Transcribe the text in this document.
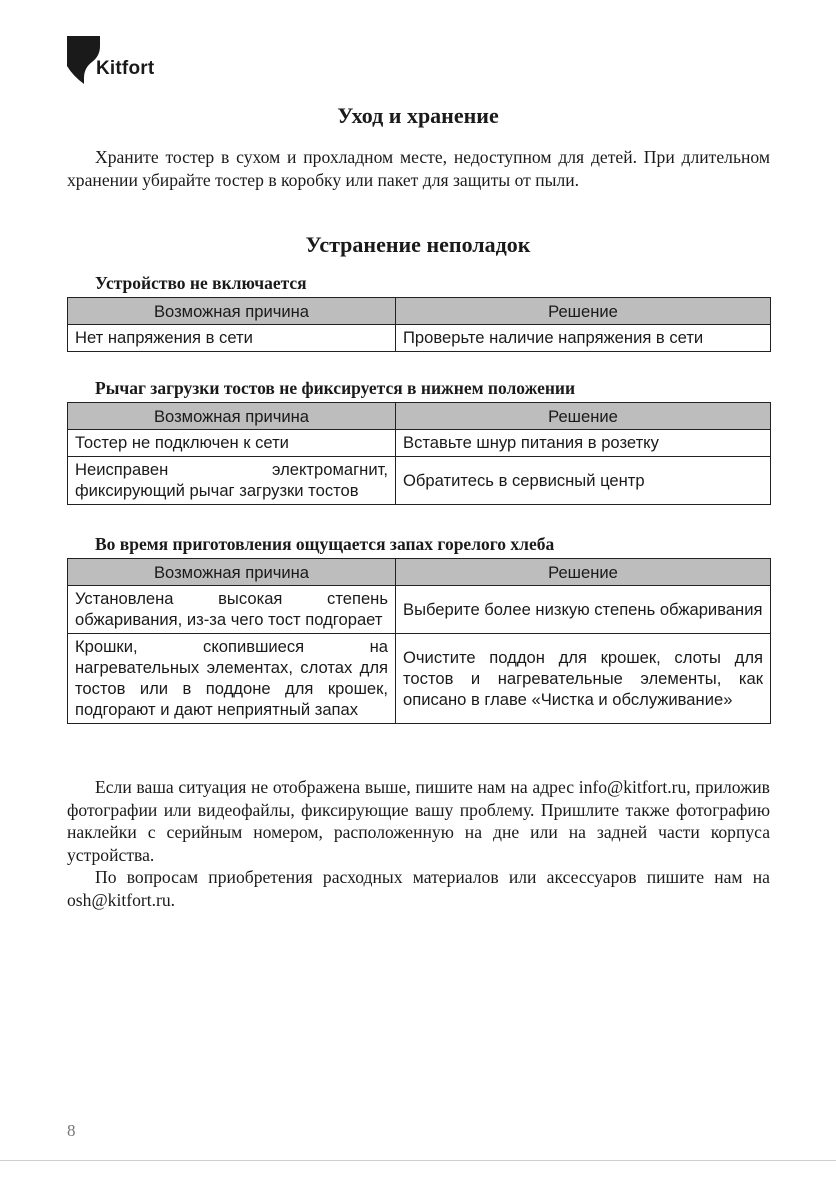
Kitfort
Уход и хранение

Храните тостер в сухом и прохладном месте, недоступном для детей. При длительном хранении убирайте тостер в коробку или пакет для защиты от пыли.

Устранение неполадок
Устройство не включается
Возможная причина	Решение
Нет напряжения в сети	Проверьте наличие напряжения в сети
Рычаг загрузки тостов не фиксируется в нижнем положении
Возможная причина	Решение
Тостер не подключен к сети	Вставьте шнур питания в розетку
Неисправен электромагнит, фиксирующий рычаг загрузки тостов	Обратитесь в сервисный центр
Во время приготовления ощущается запах горелого хлеба
Возможная причина	Решение
Установлена высокая степень обжаривания, из-за чего тост подгорает	Выберите более низкую степень обжаривания
Крошки, скопившиеся на нагревательных элементах, слотах для тостов или в поддоне для крошек, подгорают и дают неприятный запах	Очистите поддон для крошек, слоты для тостов и нагревательные элементы, как описано в главе «Чистка и обслуживание»

Если ваша ситуация не отображена выше, пишите нам на адрес info@kitfort.ru, приложив фотографии или видеофайлы, фиксирующие вашу проблему. Пришлите также фотографию наклейки с серийным номером, расположенную на дне или на задней части корпуса устройства.

По вопросам приобретения расходных материалов или аксессуаров пишите нам на osh@kitfort.ru.

8
